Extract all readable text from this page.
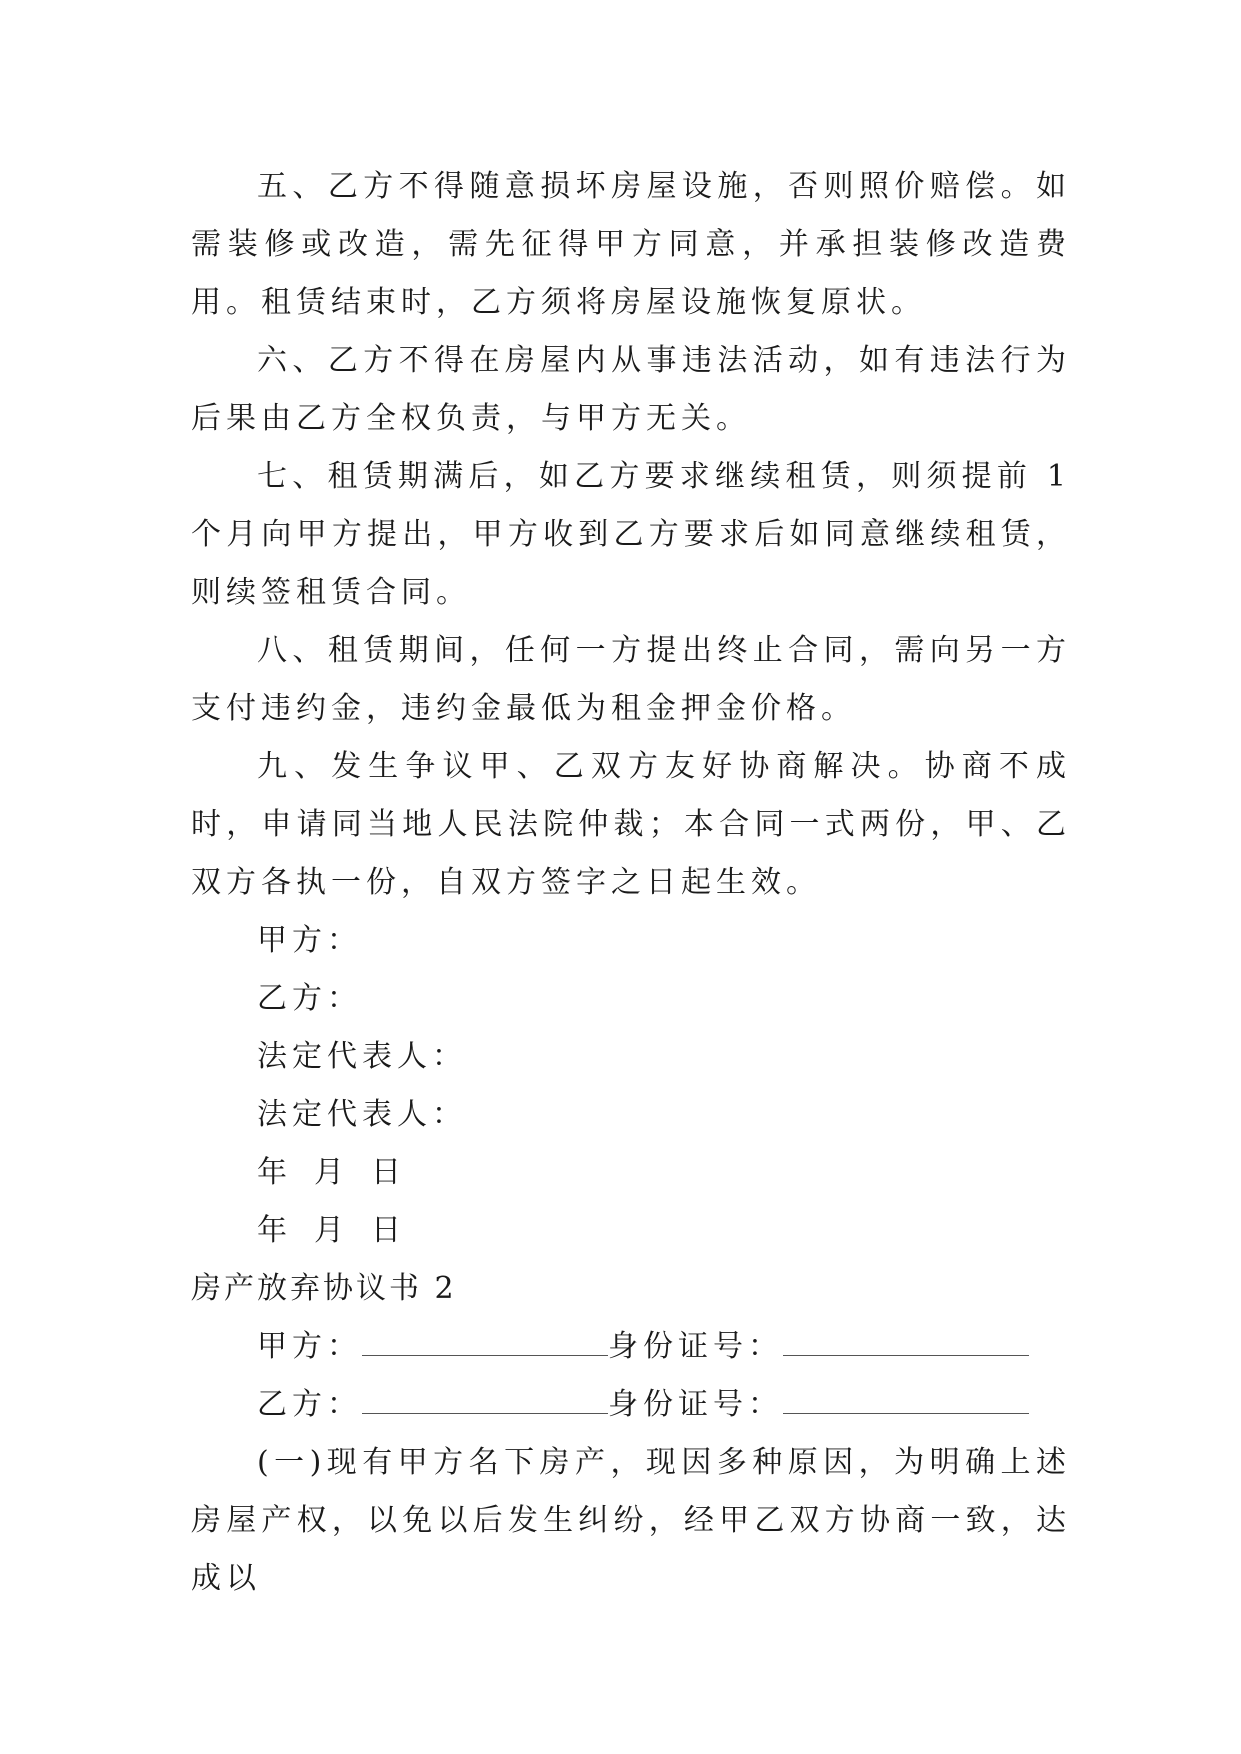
五、乙方不得随意损坏房屋设施，否则照价赔偿。如需装修或改造，需先征得甲方同意，并承担装修改造费用。租赁结束时，乙方须将房屋设施恢复原状。

六、乙方不得在房屋内从事违法活动，如有违法行为后果由乙方全权负责，与甲方无关。

七、租赁期满后，如乙方要求继续租赁，则须提前 1 个月向甲方提出，甲方收到乙方要求后如同意继续租赁，则续签租赁合同。

八、租赁期间，任何一方提出终止合同，需向另一方支付违约金，违约金最低为租金押金价格。

九、发生争议甲、乙双方友好协商解决。协商不成时，申请同当地人民法院仲裁；本合同一式两份，甲、乙双方各执一份，自双方签字之日起生效。

甲方：

乙方：

法定代表人：

法定代表人：

年 月 日

年 月 日

房产放弃协议书 2

甲方：	身份证号：

乙方：	身份证号：

(一)现有甲方名下房产，现因多种原因，为明确上述房屋产权，以免以后发生纠纷，经甲乙双方协商一致，达成以
